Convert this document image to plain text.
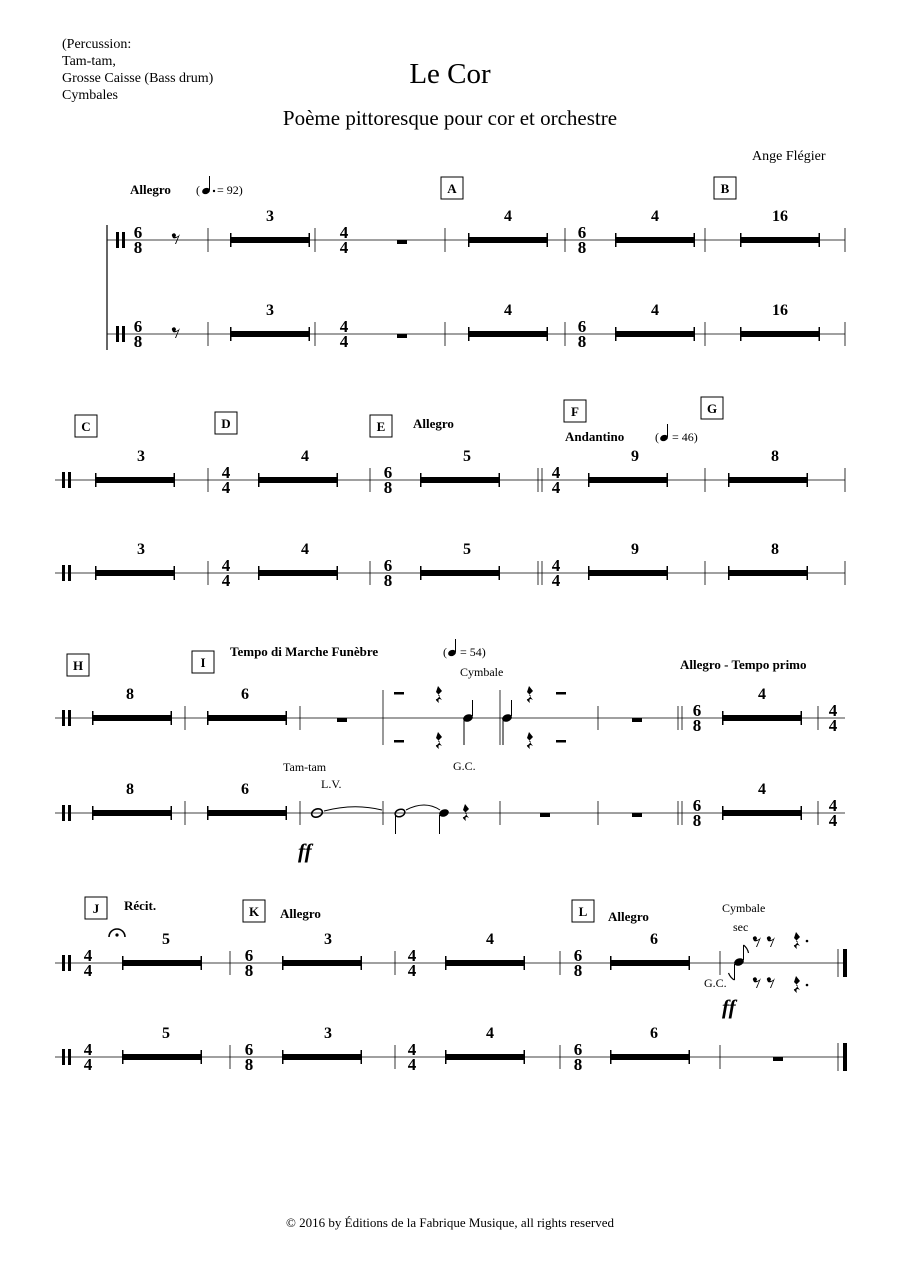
(Percussion:
Tam-tam,
Grosse Caisse (Bass drum)
Cymbales
Le Cor
Poème pittoresque pour cor et orchestre
Ange Flégier
6
8
6
8
4
4
4
4
6
8
6
8
3	4	4	16
3	4	4	16
Allegro ( = 92)	A	B
4
4
4
4
6
8
6
8
4
4
4
4
3	4	5	9	8
3	4	5	9	8
C	D	E
F	G
Allegro
Andantino	( = 46)
8	6	4
8	6	4
6
8
6
8
4
4
4
4
Cymbale
G.C.
Tam-tam
L.V.
ff
H	I
Tempo di Marche Funèbre	( = 54)
Allegro - Tempo primo
4
4
4
4
6
8
6
8
4
4
4
4
6
8
6
8
5	3	4	6
5	3	4	6
Cymbale
sec
G.C.
ff
J	K	L
Récit.
Allegro	Allegro
© 2016 by Éditions de la Fabrique Musique, all rights reserved
